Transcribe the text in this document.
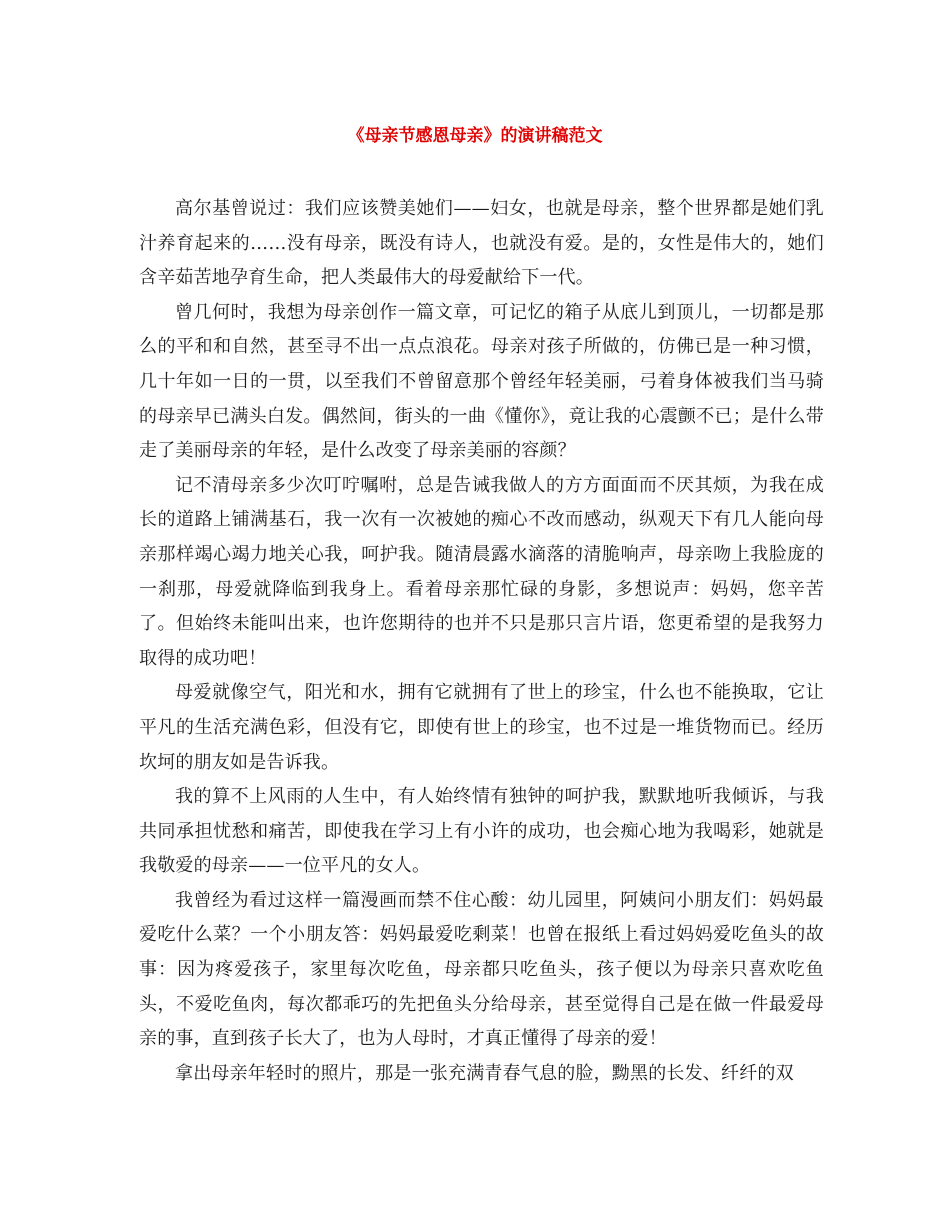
《母亲节感恩母亲》的演讲稿范文

高尔基曾说过：我们应该赞美她们——妇女，也就是母亲，整个世界都是她们乳汁养育起来的……没有母亲，既没有诗人，也就没有爱。是的，女性是伟大的，她们含辛茹苦地孕育生命，把人类最伟大的母爱献给下一代。

曾几何时，我想为母亲创作一篇文章，可记忆的箱子从底儿到顶儿，一切都是那么的平和和自然，甚至寻不出一点点浪花。母亲对孩子所做的，仿佛已是一种习惯，几十年如一日的一贯，以至我们不曾留意那个曾经年轻美丽，弓着身体被我们当马骑的母亲早已满头白发。偶然间，街头的一曲《懂你》，竟让我的心震颤不已；是什么带走了美丽母亲的年轻，是什么改变了母亲美丽的容颜？

记不清母亲多少次叮咛嘱咐，总是告诫我做人的方方面面而不厌其烦，为我在成长的道路上铺满基石，我一次有一次被她的痴心不改而感动，纵观天下有几人能向母亲那样竭心竭力地关心我，呵护我。随清晨露水滴落的清脆响声，母亲吻上我脸庞的一刹那，母爱就降临到我身上。看着母亲那忙碌的身影，多想说声：妈妈，您辛苦了。但始终未能叫出来，也许您期待的也并不只是那只言片语，您更希望的是我努力取得的成功吧！

母爱就像空气，阳光和水，拥有它就拥有了世上的珍宝，什么也不能换取，它让平凡的生活充满色彩，但没有它，即使有世上的珍宝，也不过是一堆货物而已。经历坎坷的朋友如是告诉我。

我的算不上风雨的人生中，有人始终情有独钟的呵护我，默默地听我倾诉，与我共同承担忧愁和痛苦，即使我在学习上有小许的成功，也会痴心地为我喝彩，她就是我敬爱的母亲——一位平凡的女人。

我曾经为看过这样一篇漫画而禁不住心酸：幼儿园里，阿姨问小朋友们：妈妈最爱吃什么菜？一个小朋友答：妈妈最爱吃剩菜！也曾在报纸上看过妈妈爱吃鱼头的故事：因为疼爱孩子，家里每次吃鱼，母亲都只吃鱼头，孩子便以为母亲只喜欢吃鱼头，不爱吃鱼肉，每次都乖巧的先把鱼头分给母亲，甚至觉得自己是在做一件最爱母亲的事，直到孩子长大了，也为人母时，才真正懂得了母亲的爱！

拿出母亲年轻时的照片，那是一张充满青春气息的脸，黝黑的长发、纤纤的双
